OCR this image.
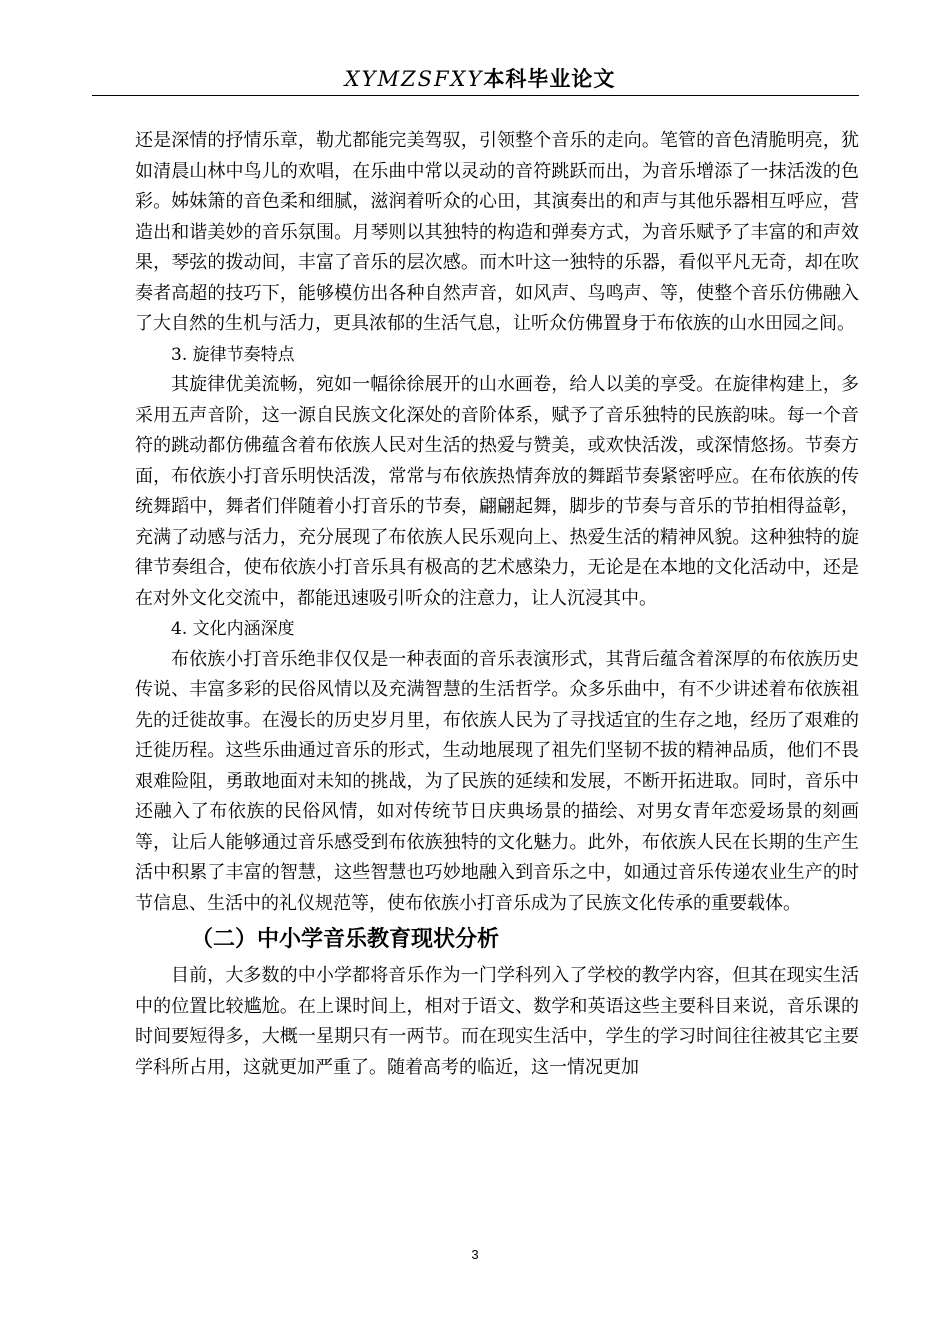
XYMZSFXY本科毕业论文

还是深情的抒情乐章，勒尤都能完美驾驭，引领整个音乐的走向。笔管的音色清脆明亮，犹如清晨山林中鸟儿的欢唱，在乐曲中常以灵动的音符跳跃而出，为音乐增添了一抹活泼的色彩。姊妹箫的音色柔和细腻，滋润着听众的心田，其演奏出的和声与其他乐器相互呼应，营造出和谐美妙的音乐氛围。月琴则以其独特的构造和弹奏方式，为音乐赋予了丰富的和声效果，琴弦的拨动间，丰富了音乐的层次感。而木叶这一独特的乐器，看似平凡无奇，却在吹奏者高超的技巧下，能够模仿出各种自然声音，如风声、鸟鸣声、等，使整个音乐仿佛融入了大自然的生机与活力，更具浓郁的生活气息，让听众仿佛置身于布依族的山水田园之间。

3. 旋律节奏特点

其旋律优美流畅，宛如一幅徐徐展开的山水画卷，给人以美的享受。在旋律构建上，多采用五声音阶，这一源自民族文化深处的音阶体系，赋予了音乐独特的民族韵味。每一个音符的跳动都仿佛蕴含着布依族人民对生活的热爱与赞美，或欢快活泼，或深情悠扬。节奏方面，布依族小打音乐明快活泼，常常与布依族热情奔放的舞蹈节奏紧密呼应。在布依族的传统舞蹈中，舞者们伴随着小打音乐的节奏，翩翩起舞，脚步的节奏与音乐的节拍相得益彰，充满了动感与活力，充分展现了布依族人民乐观向上、热爱生活的精神风貌。这种独特的旋律节奏组合，使布依族小打音乐具有极高的艺术感染力，无论是在本地的文化活动中，还是在对外文化交流中，都能迅速吸引听众的注意力，让人沉浸其中。

4. 文化内涵深度

布依族小打音乐绝非仅仅是一种表面的音乐表演形式，其背后蕴含着深厚的布依族历史传说、丰富多彩的民俗风情以及充满智慧的生活哲学。众多乐曲中，有不少讲述着布依族祖先的迁徙故事。在漫长的历史岁月里，布依族人民为了寻找适宜的生存之地，经历了艰难的迁徙历程。这些乐曲通过音乐的形式，生动地展现了祖先们坚韧不拔的精神品质，他们不畏艰难险阻，勇敢地面对未知的挑战，为了民族的延续和发展，不断开拓进取。同时，音乐中还融入了布依族的民俗风情，如对传统节日庆典场景的描绘、对男女青年恋爱场景的刻画等，让后人能够通过音乐感受到布依族独特的文化魅力。此外，布依族人民在长期的生产生活中积累了丰富的智慧，这些智慧也巧妙地融入到音乐之中，如通过音乐传递农业生产的时节信息、生活中的礼仪规范等，使布依族小打音乐成为了民族文化传承的重要载体。

（二）中小学音乐教育现状分析

目前，大多数的中小学都将音乐作为一门学科列入了学校的教学内容，但其在现实生活中的位置比较尴尬。在上课时间上，相对于语文、数学和英语这些主要科目来说，音乐课的时间要短得多，大概一星期只有一两节。而在现实生活中，学生的学习时间往往被其它主要学科所占用，这就更加严重了。随着高考的临近，这一情况更加

3
